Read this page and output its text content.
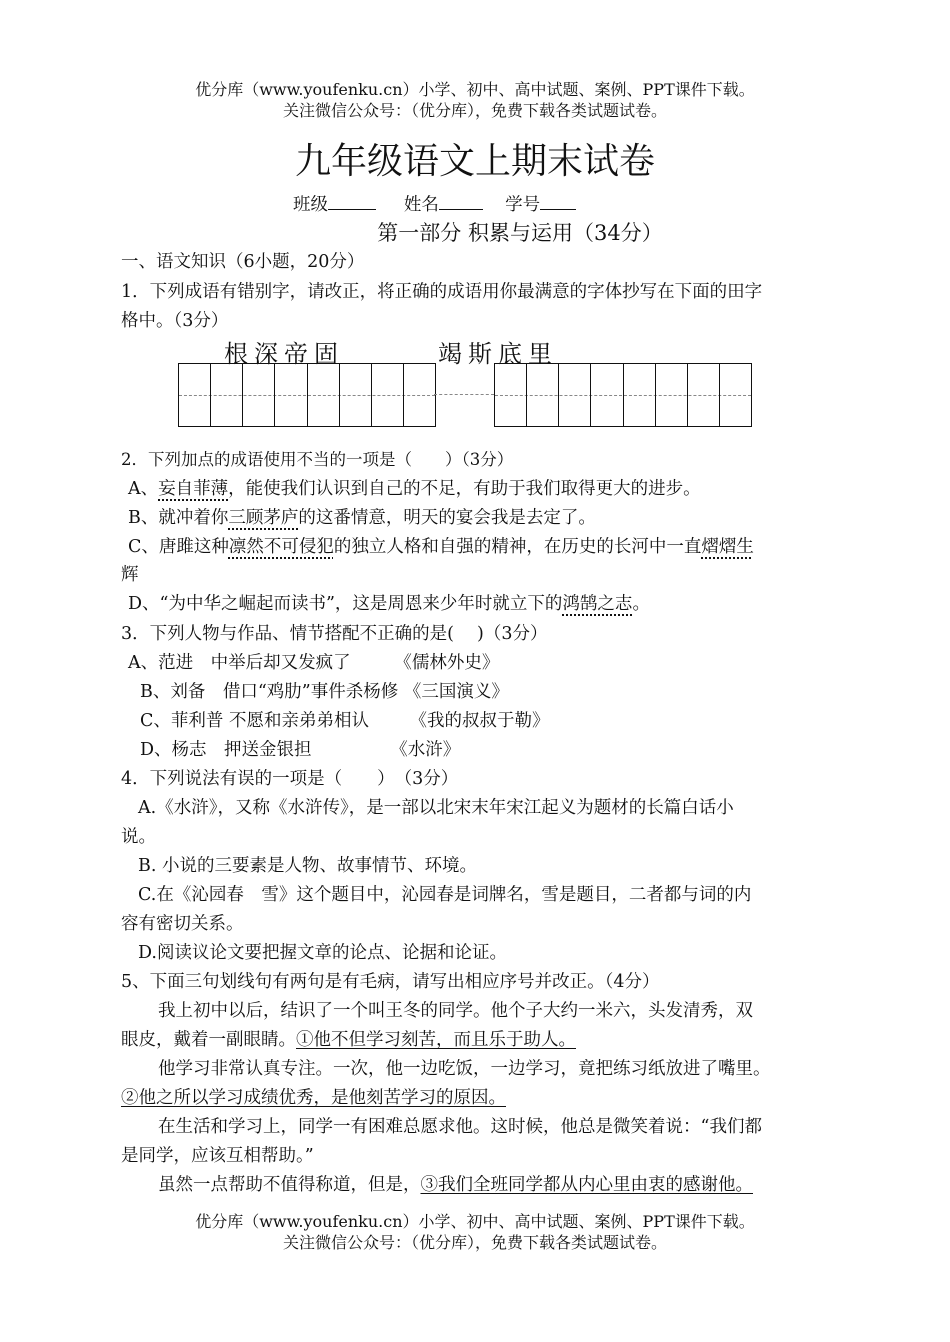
优分库（www.youfenku.cn）小学、初中、高中试题、案例、PPT课件下载。
关注微信公众号：（优分库），免费下载各类试题试卷。
九年级语文上期末试卷
班级	姓名	学号
第一部分 积累与运用（34分）
一、语文知识（6小题，20分）
1．下列成语有错别字，请改正，将正确的成语用你最满意的字体抄写在下面的田字
格中。（3分）
根深帝固	竭斯底里
2．下列加点的成语使用不当的一项是（　　）（3分）
A、妄自菲薄，能使我们认识到自己的不足，有助于我们取得更大的进步。
B、就冲着你三顾茅庐的这番情意，明天的宴会我是去定了。
C、唐雎这种凛然不可侵犯的独立人格和自强的精神，在历史的长河中一直熠熠生
辉
D、“为中华之崛起而读书”，这是周恩来少年时就立下的鸿鹄之志。
3．下列人物与作品、情节搭配不正确的是(　 )（3分）
A、范进　中举后却又发疯了　　　《儒林外史》
B、刘备　借口“鸡肋”事件杀杨修 《三国演义》
C、菲利普 不愿和亲弟弟相认　　 《我的叔叔于勒》
D、杨志　押送金银担　　　　　《水浒》
4．下列说法有误的一项是（　　）　（3分）
A.《水浒》，又称《水浒传》，是一部以北宋末年宋江起义为题材的长篇白话小
说。
B. 小说的三要素是人物、故事情节、环境。
C.在《沁园春　雪》这个题目中，沁园春是词牌名，雪是题目，二者都与词的内
容有密切关系。
D.阅读议论文要把握文章的论点、论据和论证。
5、下面三句划线句有两句是有毛病，请写出相应序号并改正。（4分）
我上初中以后，结识了一个叫王冬的同学。他个子大约一米六，头发清秀，双
眼皮，戴着一副眼睛。①他不但学习刻苦，而且乐于助人。
他学习非常认真专注。一次，他一边吃饭，一边学习，竟把练习纸放进了嘴里。
②他之所以学习成绩优秀，是他刻苦学习的原因。
在生活和学习上，同学一有困难总愿求他。这时候，他总是微笑着说：“我们都
是同学，应该互相帮助。”
虽然一点帮助不值得称道，但是，③我们全班同学都从内心里由衷的感谢他。
优分库（www.youfenku.cn）小学、初中、高中试题、案例、PPT课件下载。
关注微信公众号：（优分库），免费下载各类试题试卷。
